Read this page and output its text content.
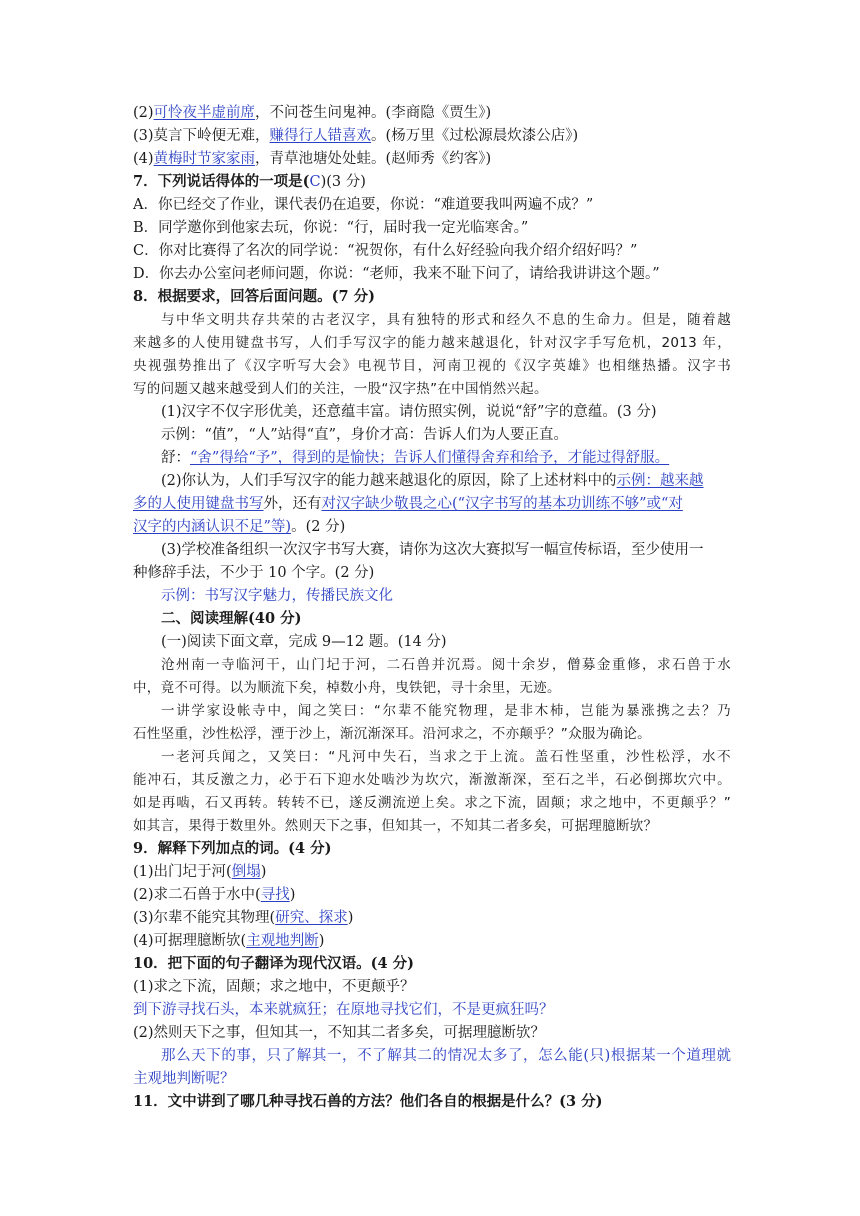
(2)可怜夜半虚前席，不问苍生问鬼神。(李商隐《贾生》)
(3)莫言下岭便无难，赚得行人错喜欢。(杨万里《过松源晨炊漆公店》)
(4)黄梅时节家家雨，青草池塘处处蛙。(赵师秀《约客》)
7．下列说话得体的一项是(C)(3 分)
A．你已经交了作业，课代表仍在追要，你说：“难道要我叫两遍不成？”
B．同学邀你到他家去玩，你说：“行，届时我一定光临寒舍。”
C．你对比赛得了名次的同学说：“祝贺你，有什么好经验向我介绍介绍好吗？”
D．你去办公室问老师问题，你说：“老师，我来不耻下问了，请给我讲讲这个题。”
8．根据要求，回答后面问题。(7 分)
与中华文明共存共荣的古老汉字，具有独特的形式和经久不息的生命力。但是，随着越
来越多的人使用键盘书写，人们手写汉字的能力越来越退化，针对汉字手写危机，2013 年，
央视强势推出了《汉字听写大会》电视节目，河南卫视的《汉字英雄》也相继热播。汉字书
写的问题又越来越受到人们的关注，一股“汉字热”在中国悄然兴起。
(1)汉字不仅字形优美，还意蕴丰富。请仿照实例，说说“舒”字的意蕴。(3 分)
示例：“值”，“人”站得“直”，身价才高：告诉人们为人要正直。
舒：“舍”得给“予”，得到的是愉快；告诉人们懂得舍弃和给予，才能过得舒服。
(2)你认为，人们手写汉字的能力越来越退化的原因，除了上述材料中的示例：越来越
多的人使用键盘书写外，还有对汉字缺少敬畏之心(“汉字书写的基本功训练不够”或“对
汉字的内涵认识不足”等)。(2 分)
(3)学校准备组织一次汉字书写大赛，请你为这次大赛拟写一幅宣传标语，至少使用一
种修辞手法，不少于 10 个字。(2 分)
示例：书写汉字魅力，传播民族文化
二、阅读理解(40 分)
(一)阅读下面文章，完成 9—12 题。(14 分)
沧州南一寺临河干，山门圮于河，二石兽并沉焉。阅十余岁，僧募金重修，求石兽于水
中，竟不可得。以为顺流下矣，棹数小舟，曳铁钯，寻十余里，无迹。
一讲学家设帐寺中，闻之笑曰：“尔辈不能究物理，是非木杮，岂能为暴涨携之去？乃
石性坚重，沙性松浮，湮于沙上，渐沉渐深耳。沿河求之，不亦颠乎？”众服为确论。
一老河兵闻之，又笑曰：“凡河中失石，当求之于上流。盖石性坚重，沙性松浮，水不
能冲石，其反激之力，必于石下迎水处啮沙为坎穴，渐激渐深，至石之半，石必倒掷坎穴中。
如是再啮，石又再转。转转不已，遂反溯流逆上矣。求之下流，固颠；求之地中，不更颠乎？”
如其言，果得于数里外。然则天下之事，但知其一，不知其二者多矣，可据理臆断欤？
9．解释下列加点的词。(4 分)
(1)出门圮于河(倒塌)
(2)求二石兽于水中(寻找)
(3)尔辈不能究其物理(研究、探求)
(4)可据理臆断欤(主观地判断)
10．把下面的句子翻译为现代汉语。(4 分)
(1)求之下流，固颠；求之地中，不更颠乎？
到下游寻找石头，本来就疯狂；在原地寻找它们，不是更疯狂吗？
(2)然则天下之事，但知其一，不知其二者多矣，可据理臆断欤？
那么天下的事，只了解其一，不了解其二的情况太多了，怎么能(只)根据某一个道理就
主观地判断呢？
11．文中讲到了哪几种寻找石兽的方法？他们各自的根据是什么？(3 分)
